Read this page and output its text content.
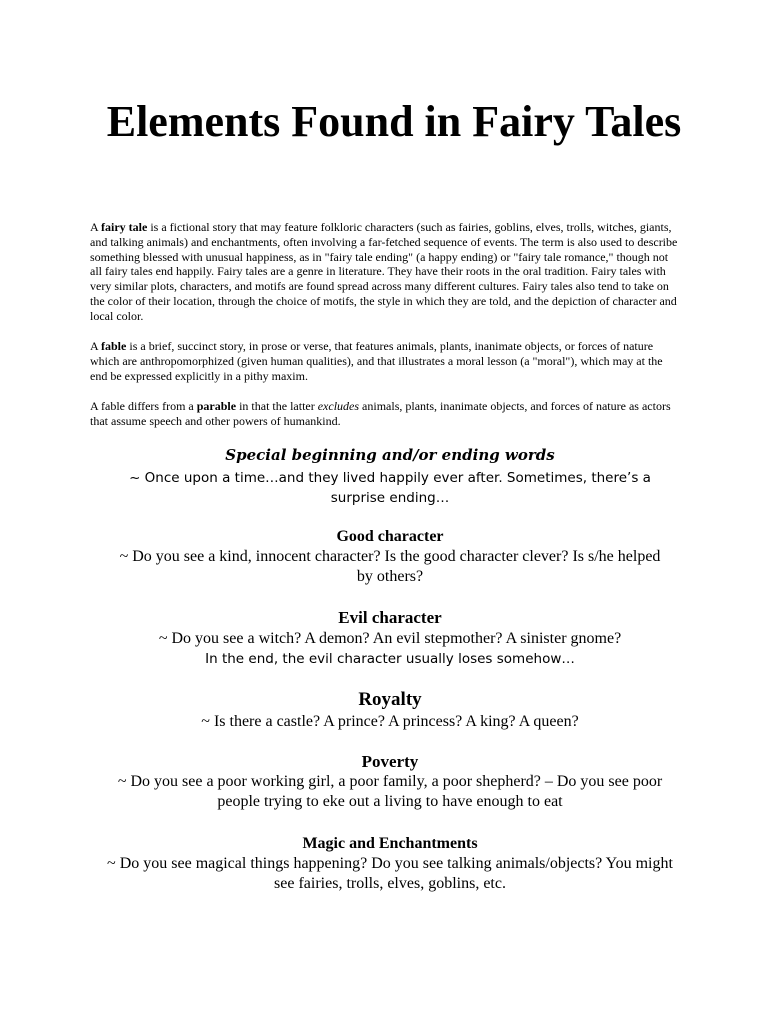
Elements Found in Fairy Tales

A fairy tale is a fictional story that may feature folkloric characters (such as fairies, goblins, elves, trolls, witches, giants, and talking animals) and enchantments, often involving a far-fetched sequence of events. The term is also used to describe something blessed with unusual happiness, as in "fairy tale ending" (a happy ending) or "fairy tale romance," though not all fairy tales end happily. Fairy tales are a genre in literature. They have their roots in the oral tradition. Fairy tales with very similar plots, characters, and motifs are found spread across many different cultures. Fairy tales also tend to take on the color of their location, through the choice of motifs, the style in which they are told, and the depiction of character and local color.

A fable is a brief, succinct story, in prose or verse, that features animals, plants, inanimate objects, or forces of nature which are anthropomorphized (given human qualities), and that illustrates a moral lesson (a "moral"), which may at the end be expressed explicitly in a pithy maxim.

A fable differs from a parable in that the latter excludes animals, plants, inanimate objects, and forces of nature as actors that assume speech and other powers of humankind.

Special beginning and/or ending words
~ Once upon a time…and they lived happily ever after. Sometimes, there’s a surprise ending…
Good character
~ Do you see a kind, innocent character? Is the good character clever? Is s/he helped by others?
Evil character
~ Do you see a witch? A demon? An evil stepmother? A sinister gnome?
In the end, the evil character usually loses somehow…
Royalty
~ Is there a castle? A prince? A princess? A king? A queen?
Poverty
~ Do you see a poor working girl, a poor family, a poor shepherd? – Do you see poor people trying to eke out a living to have enough to eat
Magic and Enchantments
~ Do you see magical things happening? Do you see talking animals/objects? You might see fairies, trolls, elves, goblins, etc.
